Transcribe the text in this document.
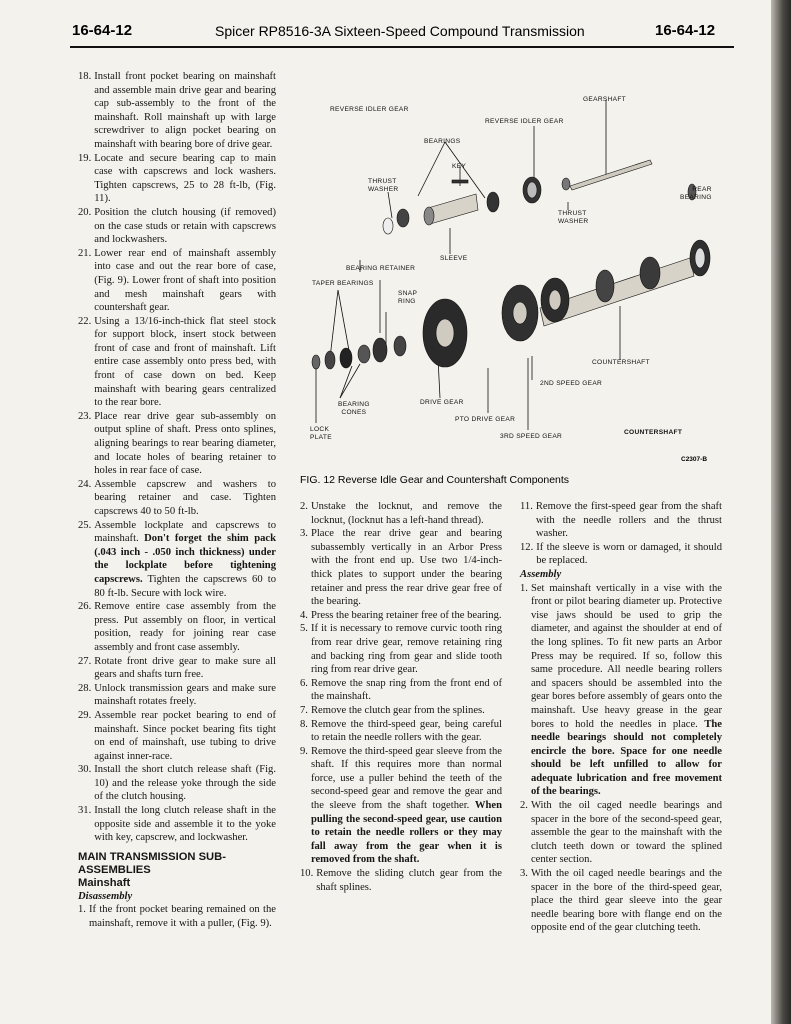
16-64-12	Spicer RP8516-3A Sixteen-Speed Compound Transmission	16-64-12
18. Install front pocket bearing on mainshaft and assemble main drive gear and bearing cap sub-assembly to the front of the mainshaft. Roll mainshaft up with large screwdriver to align pocket bearing on mainshaft with bearing bore of drive gear.
19. Locate and secure bearing cap to main case with capscrews and lock washers. Tighten capscrews, 25 to 28 ft-lb, (Fig. 11).
20. Position the clutch housing (if removed) on the case studs or retain with capscrews and lockwashers.
21. Lower rear end of mainshaft assembly into case and out the rear bore of case, (Fig. 9). Lower front of shaft into position and mesh mainshaft gears with countershaft gear.
22. Using a 13/16-inch-thick flat steel stock for support block, insert stock between front of case and front of mainshaft. Lift entire case assembly onto press bed, with front of case down on bed. Keep mainshaft with bearing gears centralized to the rear bore.
23. Place rear drive gear sub-assembly on output spline of shaft. Press onto splines, aligning bearings to rear bearing diameter, and locate holes of bearing retainer to holes in rear face of case.
24. Assemble capscrew and washers to bearing retainer and case. Tighten capscrews 40 to 50 ft-lb.
25. Assemble lockplate and capscrews to mainshaft. Don't forget the shim pack (.043 inch - .050 inch thickness) under the lockplate before tightening capscrews. Tighten the capscrews 60 to 80 ft-lb. Secure with lock wire.
26. Remove entire case assembly from the press. Put assembly on floor, in vertical position, ready for joining rear case assembly and front case assembly.
27. Rotate front drive gear to make sure all gears and shafts turn free.
28. Unlock transmission gears and make sure mainshaft rotates freely.
29. Assemble rear pocket bearing to end of mainshaft. Since pocket bearing fits tight on end of mainshaft, use tubing to drive against inner-race.
30. Install the short clutch release shaft (Fig. 10) and the release yoke through the side of the clutch housing.
31. Install the long clutch release shaft in the opposite side and assemble it to the yoke with key, capscrew, and lockwasher.
MAIN TRANSMISSION SUB-ASSEMBLIES
Mainshaft
Disassembly
1. If the front pocket bearing remained on the mainshaft, remove it with a puller, (Fig. 9).
REVERSE IDLER GEAR
GEARSHAFT
REVERSE IDLER GEAR
BEARINGS
KEY
THRUST
WASHER	REAR
BEARING
THRUST
WASHER
SLEEVE
BEARING RETAINER
TAPER BEARINGS
SNAP
RING
COUNTERSHAFT
2ND SPEED GEAR
BEARING
CONES
DRIVE GEAR
PTO DRIVE GEAR
LOCK
PLATE	3RD SPEED GEAR
COUNTERSHAFT
C2307-B
FIG. 12 Reverse Idle Gear and Countershaft Components
2. Unstake the locknut, and remove the locknut, (locknut has a left-hand thread).
3. Place the rear drive gear and bearing subassembly vertically in an Arbor Press with the front end up. Use two 1/4-inch-thick plates to support under the bearing retainer and press the rear drive gear free of the bearing.
4. Press the bearing retainer free of the bearing.
5. If it is necessary to remove curvic tooth ring from rear drive gear, remove retaining ring and backing ring from gear and slide tooth ring from rear drive gear.
6. Remove the snap ring from the front end of the mainshaft.
7. Remove the clutch gear from the splines.
8. Remove the third-speed gear, being careful to retain the needle rollers with the gear.
9. Remove the third-speed gear sleeve from the shaft. If this requires more than normal force, use a puller behind the teeth of the second-speed gear and remove the gear and the sleeve from the shaft together. When pulling the second-speed gear, use caution to retain the needle rollers or they may fall away from the gear when it is removed from the shaft.
10. Remove the sliding clutch gear from the shaft splines.
11. Remove the first-speed gear from the shaft with the needle rollers and the thrust washer.
12. If the sleeve is worn or damaged, it should be replaced.
Assembly
1. Set mainshaft vertically in a vise with the front or pilot bearing diameter up. Protective vise jaws should be used to grip the diameter, and against the shoulder at end of the long splines. To fit new parts an Arbor Press may be required. If so, follow this same procedure. All needle bearing rollers and spacers should be assembled into the gear bores before assembly of gears onto the mainshaft. Use heavy grease in the gear bores to hold the needles in place. The needle bearings should not completely encircle the bore. Space for one needle should be left unfilled to allow for adequate lubrication and free movement of the bearings.
2. With the oil caged needle bearings and spacer in the bore of the second-speed gear, assemble the gear to the mainshaft with the clutch teeth down or toward the splined center section.
3. With the oil caged needle bearings and the spacer in the bore of the third-speed gear, place the third gear sleeve into the gear needle bearing bore with flange end on the opposite end of the gear clutching teeth.
